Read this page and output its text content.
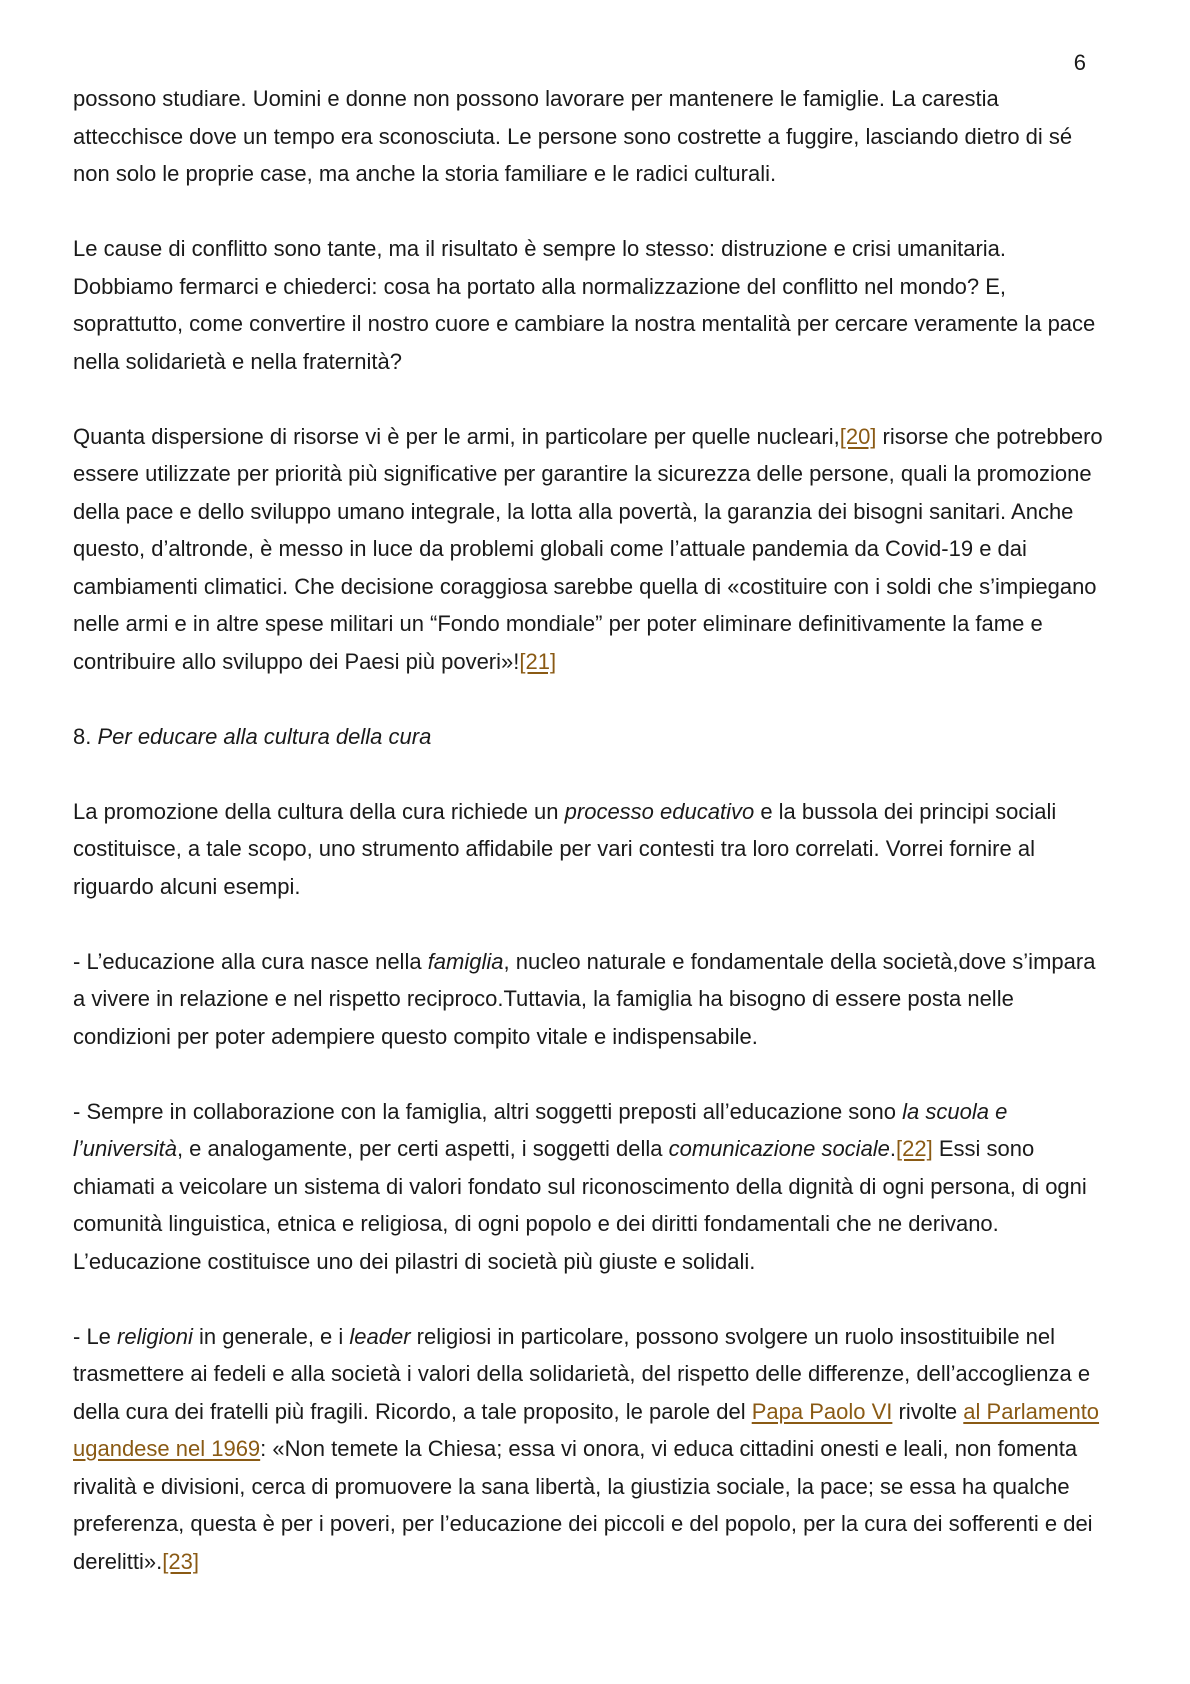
6

possono studiare. Uomini e donne non possono lavorare per mantenere le famiglie. La carestia attecchisce dove un tempo era sconosciuta. Le persone sono costrette a fuggire, lasciando dietro di sé non solo le proprie case, ma anche la storia familiare e le radici culturali.

Le cause di conflitto sono tante, ma il risultato è sempre lo stesso: distruzione e crisi umanitaria. Dobbiamo fermarci e chiederci: cosa ha portato alla normalizzazione del conflitto nel mondo? E, soprattutto, come convertire il nostro cuore e cambiare la nostra mentalità per cercare veramente la pace nella solidarietà e nella fraternità?

Quanta dispersione di risorse vi è per le armi, in particolare per quelle nucleari,[20] risorse che potrebbero essere utilizzate per priorità più significative per garantire la sicurezza delle persone, quali la promozione della pace e dello sviluppo umano integrale, la lotta alla povertà, la garanzia dei bisogni sanitari. Anche questo, d’altronde, è messo in luce da problemi globali come l’attuale pandemia da Covid-19 e dai cambiamenti climatici. Che decisione coraggiosa sarebbe quella di «costituire con i soldi che s’impiegano nelle armi e in altre spese militari un “Fondo mondiale” per poter eliminare definitivamente la fame e contribuire allo sviluppo dei Paesi più poveri»![21]

8. Per educare alla cultura della cura

La promozione della cultura della cura richiede un processo educativo e la bussola dei principi sociali costituisce, a tale scopo, uno strumento affidabile per vari contesti tra loro correlati. Vorrei fornire al riguardo alcuni esempi.

- L’educazione alla cura nasce nella famiglia, nucleo naturale e fondamentale della società,dove s’impara a vivere in relazione e nel rispetto reciproco.Tuttavia, la famiglia ha bisogno di essere posta nelle condizioni per poter adempiere questo compito vitale e indispensabile.

- Sempre in collaborazione con la famiglia, altri soggetti preposti all’educazione sono la scuola e l’università, e analogamente, per certi aspetti, i soggetti della comunicazione sociale.[22] Essi sono chiamati a veicolare un sistema di valori fondato sul riconoscimento della dignità di ogni persona, di ogni comunità linguistica, etnica e religiosa, di ogni popolo e dei diritti fondamentali che ne derivano. L’educazione costituisce uno dei pilastri di società più giuste e solidali.

- Le religioni in generale, e i leader religiosi in particolare, possono svolgere un ruolo insostituibile nel trasmettere ai fedeli e alla società i valori della solidarietà, del rispetto delle differenze, dell’accoglienza e della cura dei fratelli più fragili. Ricordo, a tale proposito, le parole del Papa Paolo VI rivolte al Parlamento ugandese nel 1969: «Non temete la Chiesa; essa vi onora, vi educa cittadini onesti e leali, non fomenta rivalità e divisioni, cerca di promuovere la sana libertà, la giustizia sociale, la pace; se essa ha qualche preferenza, questa è per i poveri, per l’educazione dei piccoli e del popolo, per la cura dei sofferenti e dei derelitti».[23]
